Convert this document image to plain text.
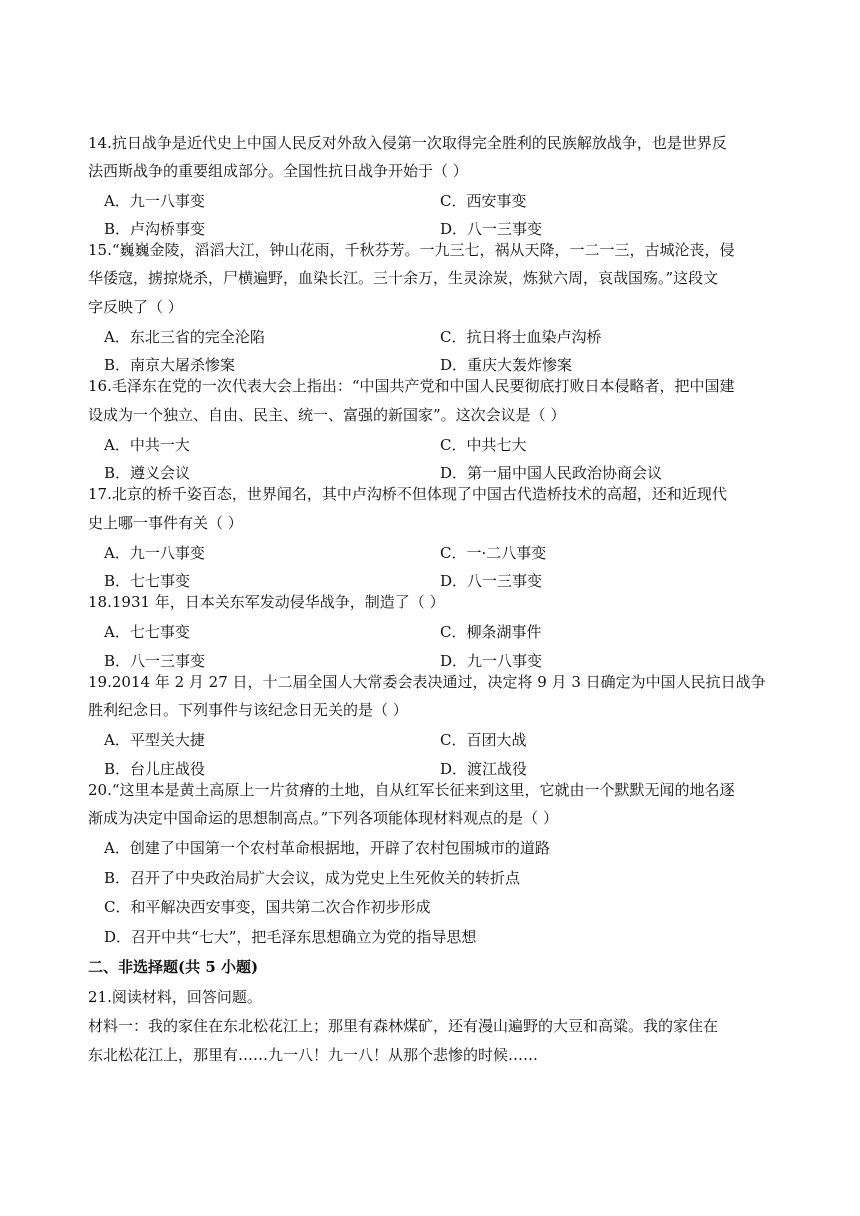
14.抗日战争是近代史上中国人民反对外敌入侵第一次取得完全胜利的民族解放战争，也是世界反
法西斯战争的重要组成部分。全国性抗日战争开始于（ ）
A．九一八事变	C．西安事变
B．卢沟桥事变	D．八一三事变
15.“巍巍金陵，滔滔大江，钟山花雨，千秋芬芳。一九三七，祸从天降，一二一三，古城沦丧，侵
华倭寇，掳掠烧杀，尸横遍野，血染长江。三十余万，生灵涂炭，炼狱六周，哀哉国殇。”这段文
字反映了（ ）
A．东北三省的完全沦陷	C．抗日将士血染卢沟桥
B．南京大屠杀惨案	D．重庆大轰炸惨案
16.毛泽东在党的一次代表大会上指出：“中国共产党和中国人民要彻底打败日本侵略者，把中国建
设成为一个独立、自由、民主、统一、富强的新国家”。这次会议是（ ）
A．中共一大	C．中共七大
B．遵义会议	D．第一届中国人民政治协商会议
17.北京的桥千姿百态，世界闻名，其中卢沟桥不但体现了中国古代造桥技术的高超，还和近现代
史上哪一事件有关（ ）
A．九一八事变	C．一·二八事变
B．七七事变	D．八一三事变
18.1931 年，日本关东军发动侵华战争，制造了（ ）
A．七七事变	C．柳条湖事件
B．八一三事变	D．九一八事变
19.2014 年 2 月 27 日，十二届全国人大常委会表决通过，决定将 9 月 3 日确定为中国人民抗日战争
胜利纪念日。下列事件与该纪念日无关的是（ ）
A．平型关大捷	C．百团大战
B．台儿庄战役	D．渡江战役
20.“这里本是黄土高原上一片贫瘠的土地，自从红军长征来到这里，它就由一个默默无闻的地名逐
渐成为决定中国命运的思想制高点。”下列各项能体现材料观点的是（ ）
A．创建了中国第一个农村革命根据地，开辟了农村包围城市的道路
B．召开了中央政治局扩大会议，成为党史上生死攸关的转折点
C．和平解决西安事变，国共第二次合作初步形成
D．召开中共“七大”，把毛泽东思想确立为党的指导思想
二、非选择题(共 5 小题)
21.阅读材料，回答问题。
材料一：我的家住在东北松花江上；那里有森林煤矿，还有漫山遍野的大豆和高粱。我的家住在
东北松花江上，那里有……九一八！九一八！从那个悲惨的时候……
